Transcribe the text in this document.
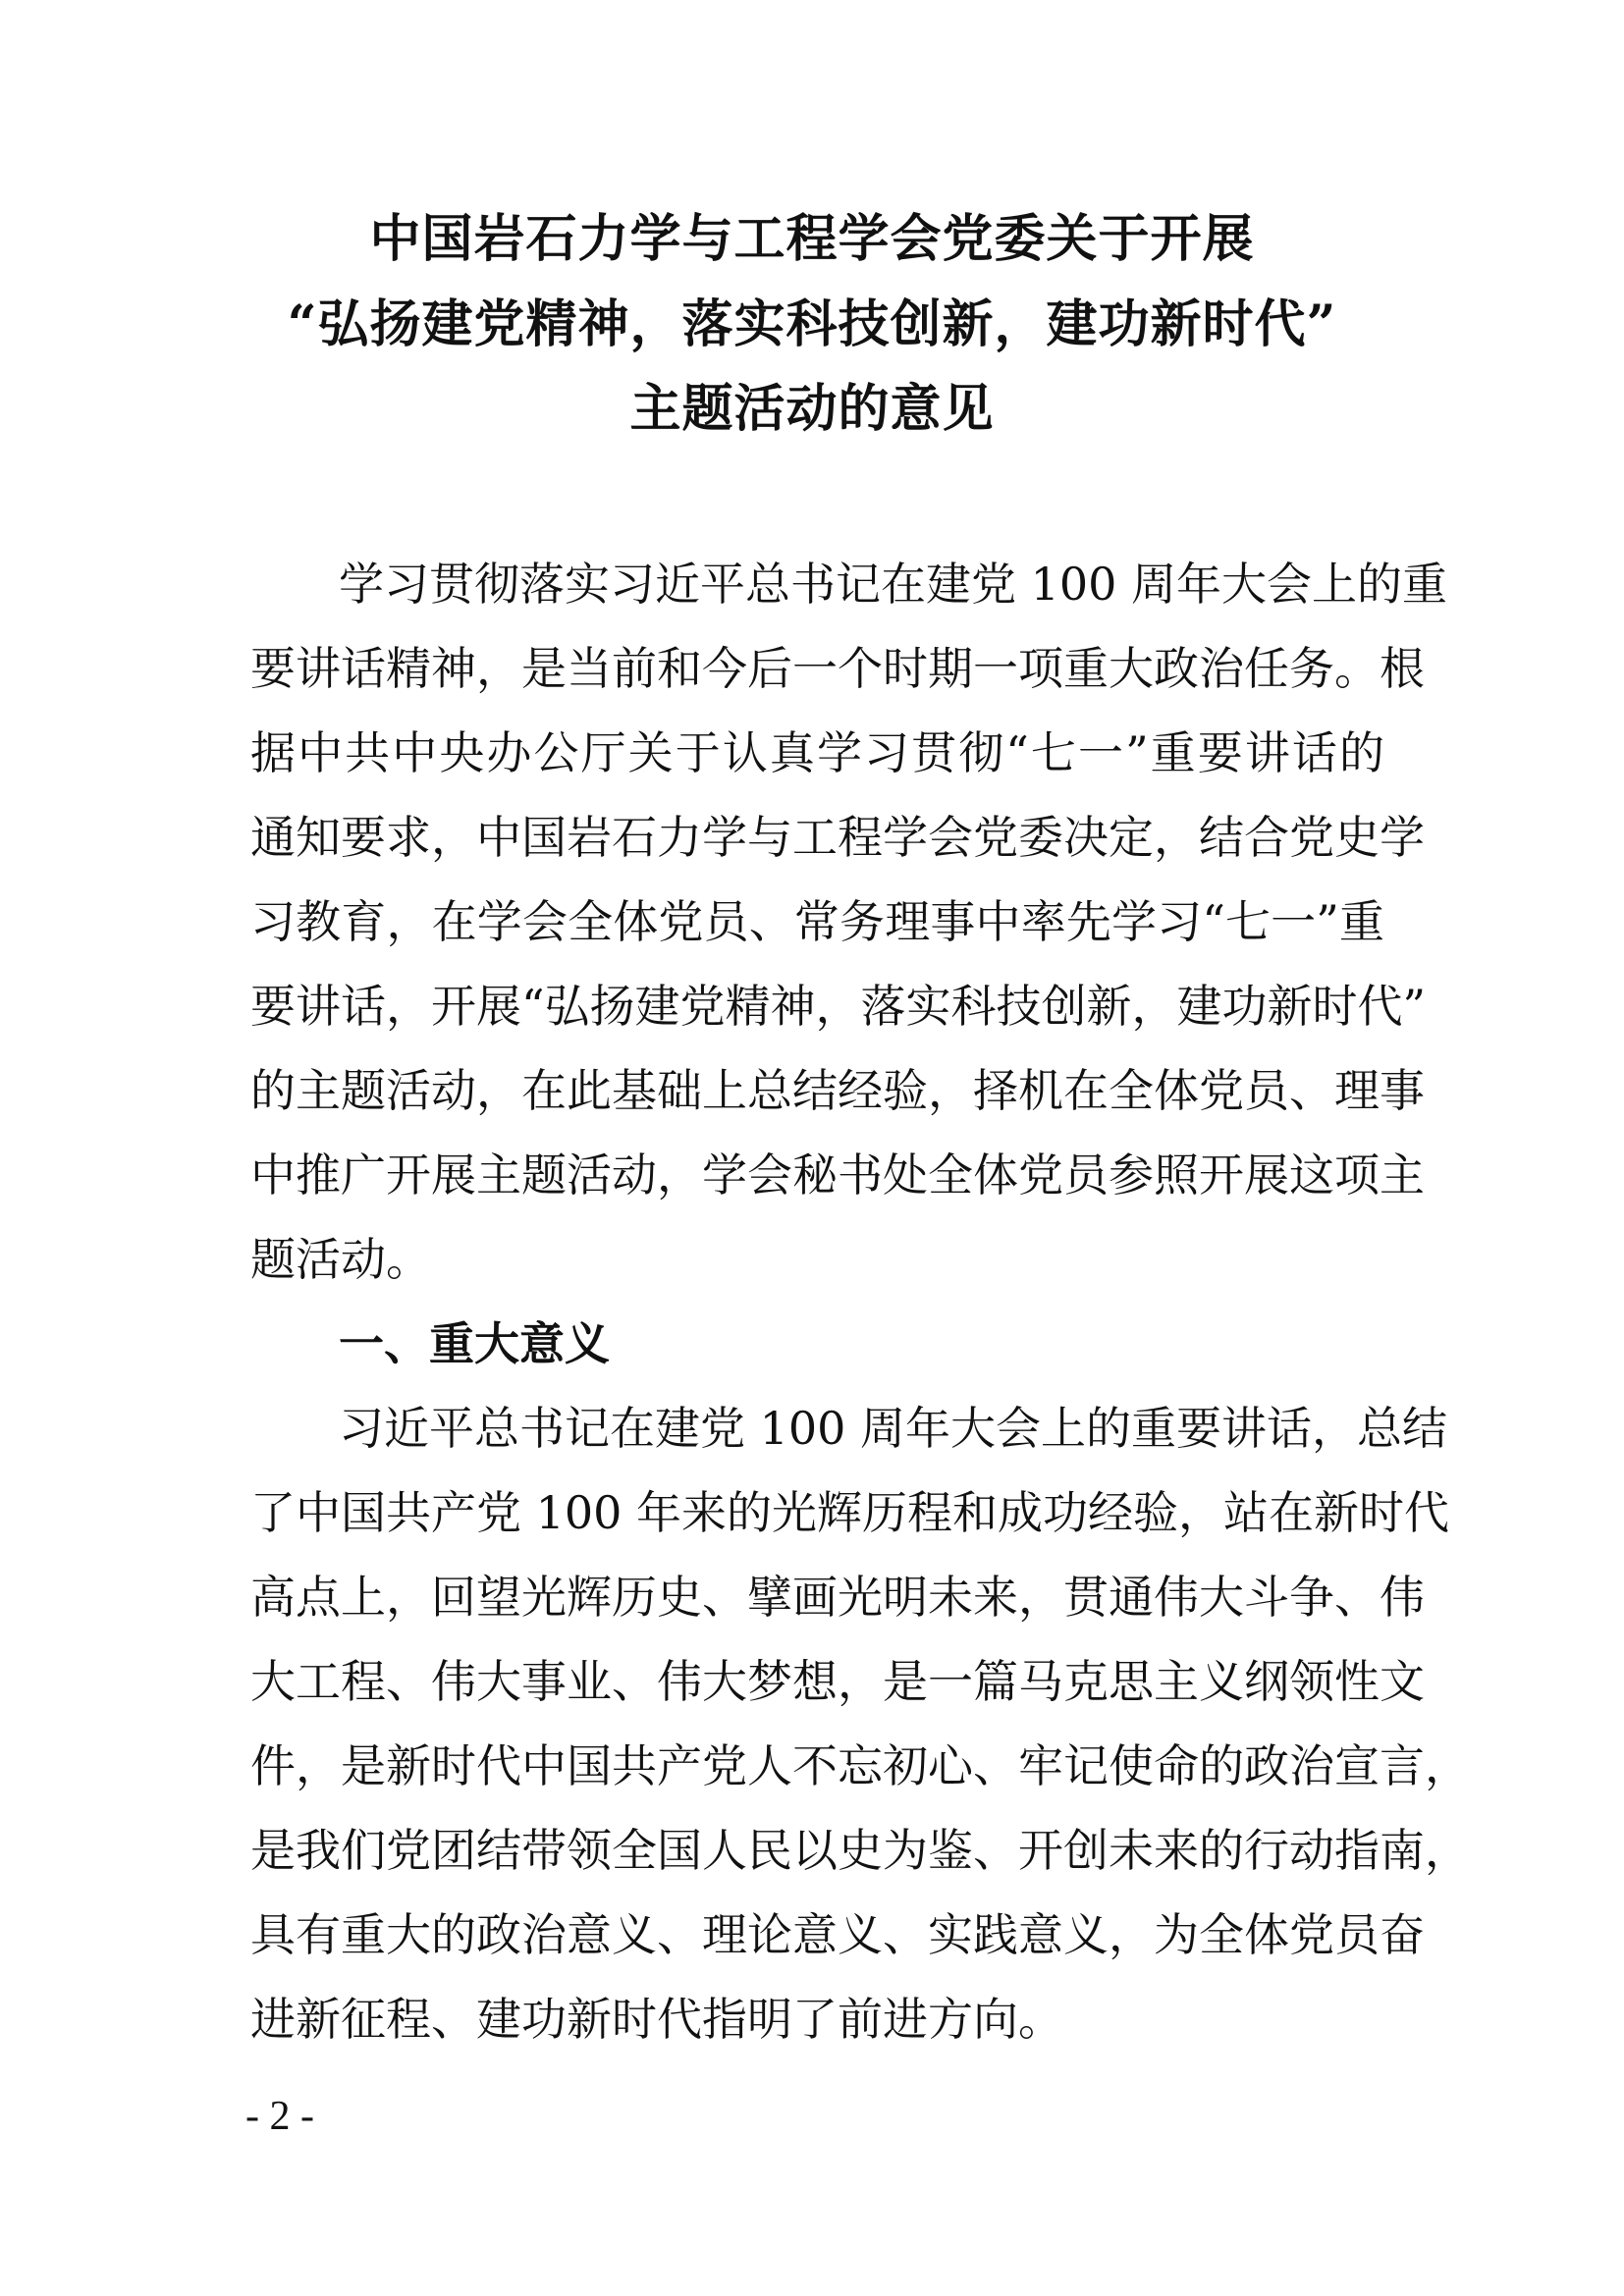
中国岩石力学与工程学会党委关于开展
“弘扬建党精神，落实科技创新，建功新时代”
主题活动的意见
学习贯彻落实习近平总书记在建党 100 周年大会上的重
要讲话精神，是当前和今后一个时期一项重大政治任务。根
据中共中央办公厅关于认真学习贯彻“七一”重要讲话的
通知要求，中国岩石力学与工程学会党委决定，结合党史学
习教育，在学会全体党员、常务理事中率先学习“七一”重
要讲话，开展“弘扬建党精神，落实科技创新，建功新时代”
的主题活动，在此基础上总结经验，择机在全体党员、理事
中推广开展主题活动，学会秘书处全体党员参照开展这项主
题活动。
一、重大意义
习近平总书记在建党 100 周年大会上的重要讲话，总结
了中国共产党 100 年来的光辉历程和成功经验，站在新时代
高点上，回望光辉历史、擘画光明未来，贯通伟大斗争、伟
大工程、伟大事业、伟大梦想，是一篇马克思主义纲领性文
件，是新时代中国共产党人不忘初心、牢记使命的政治宣言，
是我们党团结带领全国人民以史为鉴、开创未来的行动指南，
具有重大的政治意义、理论意义、实践意义，为全体党员奋
进新征程、建功新时代指明了前进方向。
- 2 -
